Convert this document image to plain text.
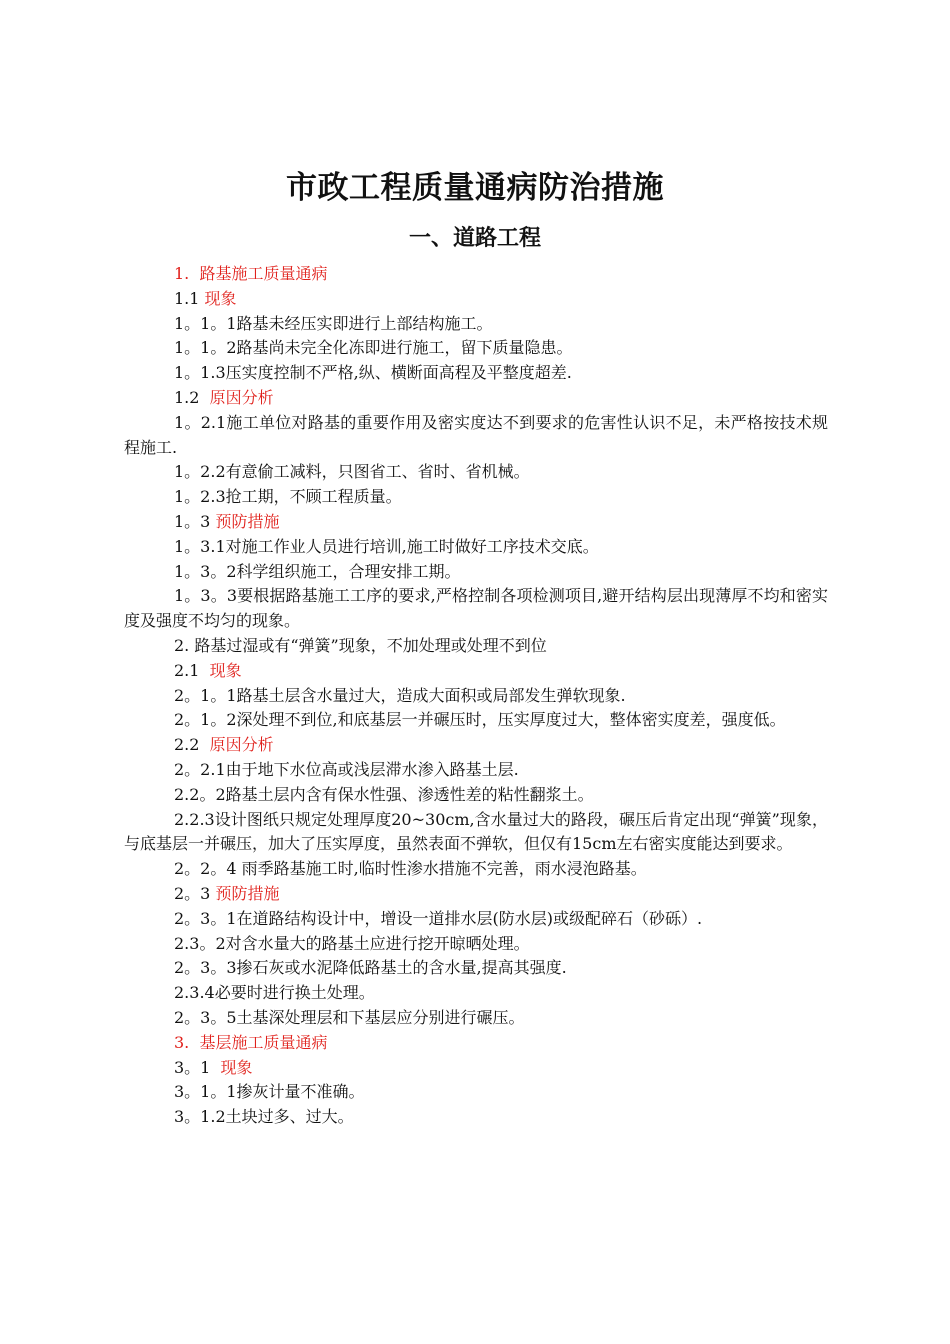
市政工程质量通病防治措施
一、道路工程

1.  路基施工质量通病

1.1 现象

1。1。1路基未经压实即进行上部结构施工。

1。1。2路基尚未完全化冻即进行施工，留下质量隐患。

1。1.3压实度控制不严格,纵、横断面高程及平整度超差.

1.2  原因分析

1。2.1施工单位对路基的重要作用及密实度达不到要求的危害性认识不足，未严格按技术规程施工.

1。2.2有意偷工减料，只图省工、省时、省机械。

1。2.3抢工期，不顾工程质量。

1。3 预防措施

1。3.1对施工作业人员进行培训,施工时做好工序技术交底。

1。3。2科学组织施工，合理安排工期。

1。3。3要根据路基施工工序的要求,严格控制各项检测项目,避开结构层出现薄厚不均和密实度及强度不均匀的现象。

2. 路基过湿或有“弹簧”现象，不加处理或处理不到位

2.1  现象

2。1。1路基土层含水量过大，造成大面积或局部发生弹软现象.

2。1。2深处理不到位,和底基层一并碾压时，压实厚度过大，整体密实度差，强度低。

2.2  原因分析

2。2.1由于地下水位高或浅层滞水渗入路基土层.

2.2。2路基土层内含有保水性强、渗透性差的粘性翻浆土。

2.2.3设计图纸只规定处理厚度20~30cm,含水量过大的路段，碾压后肯定出现“弹簧”现象，与底基层一并碾压，加大了压实厚度，虽然表面不弹软，但仅有15cm左右密实度能达到要求。

2。2。4 雨季路基施工时,临时性渗水措施不完善，雨水浸泡路基。

2。3 预防措施

2。3。1在道路结构设计中，增设一道排水层(防水层)或级配碎石（砂砾）.

2.3。2对含水量大的路基土应进行挖开晾晒处理。

2。3。3掺石灰或水泥降低路基土的含水量,提高其强度.

2.3.4必要时进行换土处理。

2。3。5土基深处理层和下基层应分别进行碾压。

3.  基层施工质量通病

3。1  现象

3。1。1掺灰计量不准确。

3。1.2土块过多、过大。
